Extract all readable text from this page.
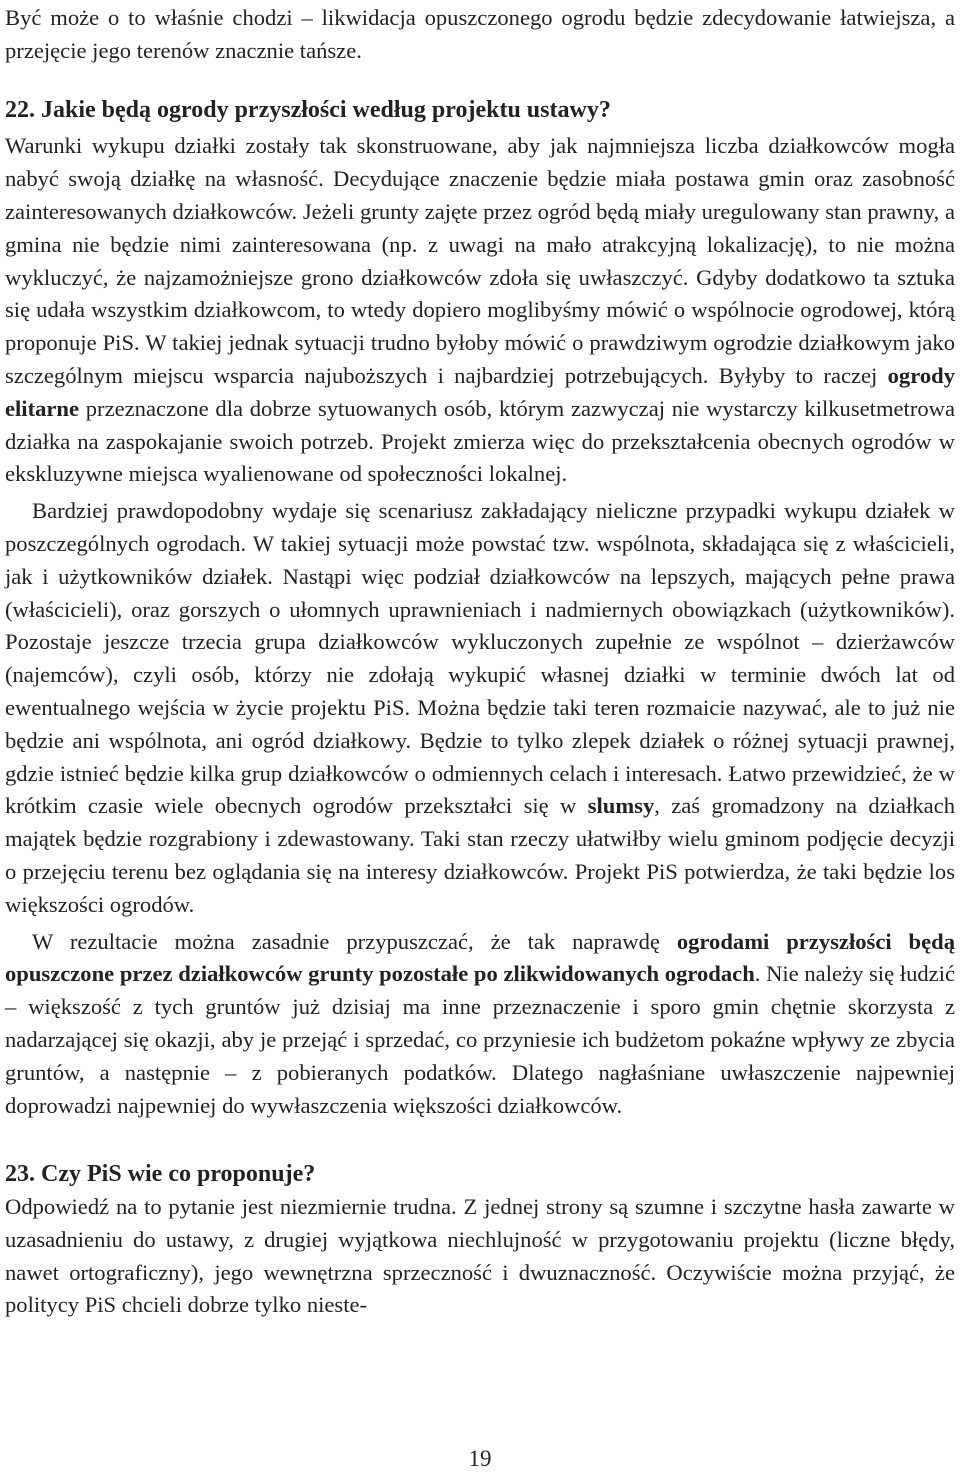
Być może o to właśnie chodzi – likwidacja opuszczonego ogrodu będzie zdecydowanie łatwiejsza, a przejęcie jego terenów znacznie tańsze.

22. Jakie będą ogrody przyszłości według projektu ustawy?

Warunki wykupu działki zostały tak skonstruowane, aby jak najmniejsza liczba działkowców mogła nabyć swoją działkę na własność. Decydujące znaczenie będzie miała postawa gmin oraz zasobność zainteresowanych działkowców. Jeżeli grunty zajęte przez ogród będą miały uregulowany stan prawny, a gmina nie będzie nimi zainteresowana (np. z uwagi na mało atrakcyjną lokalizację), to nie można wykluczyć, że najzamożniejsze grono działkowców zdoła się uwłaszczyć. Gdyby dodatkowo ta sztuka się udała wszystkim działkowcom, to wtedy dopiero moglibyśmy mówić o wspólnocie ogrodowej, którą proponuje PiS. W takiej jednak sytuacji trudno byłoby mówić o prawdziwym ogrodzie działkowym jako szczególnym miejscu wsparcia najuboższych i najbardziej potrzebujących. Byłyby to raczej ogrody elitarne przeznaczone dla dobrze sytuowanych osób, którym zazwyczaj nie wystarczy kilkusetmetrowa działka na zaspokajanie swoich potrzeb. Projekt zmierza więc do przekształcenia obecnych ogrodów w ekskluzywne miejsca wyalienowane od społeczności lokalnej.

Bardziej prawdopodobny wydaje się scenariusz zakładający nieliczne przypadki wykupu działek w poszczególnych ogrodach. W takiej sytuacji może powstać tzw. wspólnota, składająca się z właścicieli, jak i użytkowników działek. Nastąpi więc podział działkowców na lepszych, mających pełne prawa (właścicieli), oraz gorszych o ułomnych uprawnieniach i nadmiernych obowiązkach (użytkowników). Pozostaje jeszcze trzecia grupa działkowców wykluczonych zupełnie ze wspólnot – dzierżawców (najemców), czyli osób, którzy nie zdołają wykupić własnej działki w terminie dwóch lat od ewentualnego wejścia w życie projektu PiS. Można będzie taki teren rozmaicie nazywać, ale to już nie będzie ani wspólnota, ani ogród działkowy. Będzie to tylko zlepek działek o różnej sytuacji prawnej, gdzie istnieć będzie kilka grup działkowców o odmiennych celach i interesach. Łatwo przewidzieć, że w krótkim czasie wiele obecnych ogrodów przekształci się w slumsy, zaś gromadzony na działkach majątek będzie rozgrabiony i zdewastowany. Taki stan rzeczy ułatwiłby wielu gminom podjęcie decyzji o przejęciu terenu bez oglądania się na interesy działkowców. Projekt PiS potwierdza, że taki będzie los większości ogrodów.

W rezultacie można zasadnie przypuszczać, że tak naprawdę ogrodami przyszłości będą opuszczone przez działkowców grunty pozostałe po zlikwidowanych ogrodach. Nie należy się łudzić – większość z tych gruntów już dzisiaj ma inne przeznaczenie i sporo gmin chętnie skorzysta z nadarzającej się okazji, aby je przejąć i sprzedać, co przyniesie ich budżetom pokaźne wpływy ze zbycia gruntów, a następnie – z pobieranych podatków. Dlatego nagłaśniane uwłaszczenie najpewniej doprowadzi najpewniej do wywłaszczenia większości działkowców.

23. Czy PiS wie co proponuje?

Odpowiedź na to pytanie jest niezmiernie trudna. Z jednej strony są szumne i szczytne hasła zawarte w uzasadnieniu do ustawy, z drugiej wyjątkowa niechlujność w przygotowaniu projektu (liczne błędy, nawet ortograficzny), jego wewnętrzna sprzeczność i dwuznaczność. Oczywiście można przyjąć, że politycy PiS chcieli dobrze tylko nieste-

19
